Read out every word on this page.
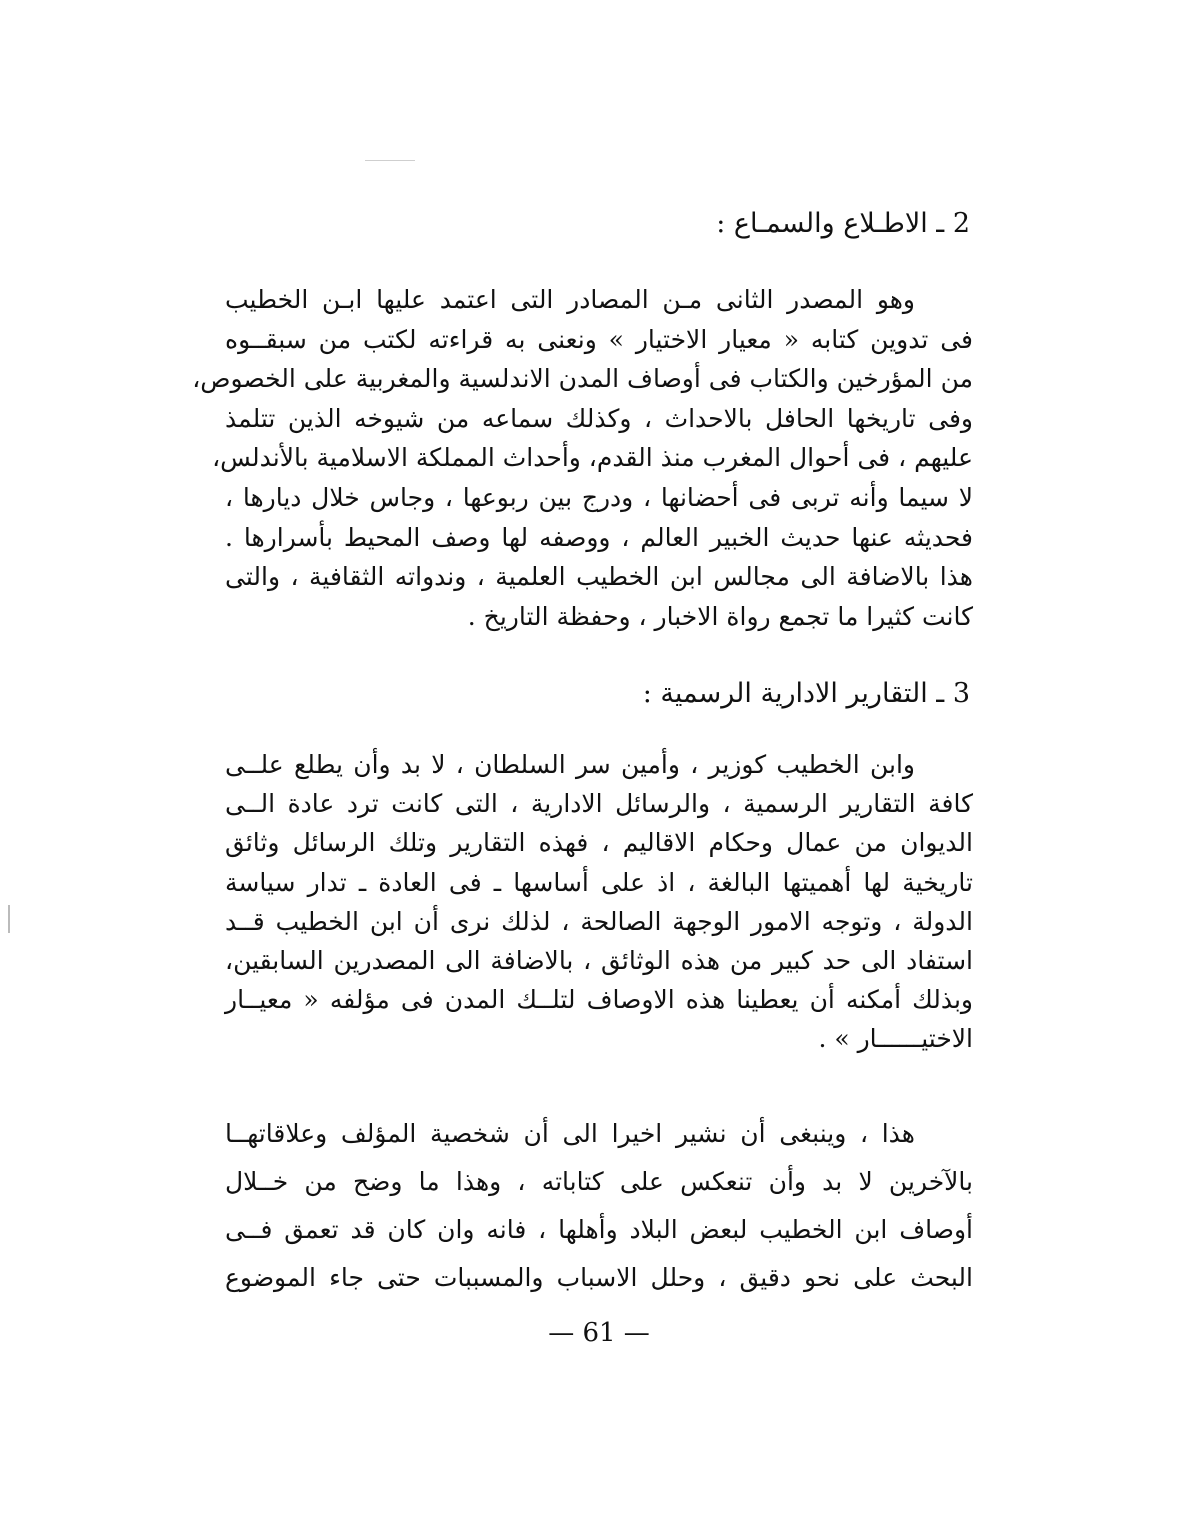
2 ـ الاطـلاع والسمـاع :
وهو المصدر الثانى مـن المصادر التى اعتمد عليها ابـن الخطيب
فى تدوين كتابه « معيار الاختيار » ونعنى به قراءته لكتب من سبقــوه
من المؤرخين والكتاب فى أوصاف المدن الاندلسية والمغربية على الخصوص،
وفى تاريخها الحافل بالاحداث ، وكذلك سماعه من شيوخه الذين تتلمذ
عليهم ، فى أحوال المغرب منذ القدم، وأحداث المملكة الاسلامية بالأندلس،
لا سيما وأنه تربى فى أحضانها ، ودرج بين ربوعها ، وجاس خلال ديارها ،
فحديثه عنها حديث الخبير العالم ، ووصفه لها وصف المحيط بأسرارها .
هذا بالاضافة الى مجالس ابن الخطيب العلمية ، وندواته الثقافية ، والتى
كانت كثيرا ما تجمع رواة الاخبار ، وحفظة التاريخ .
3 ـ التقارير الادارية الرسمية :
وابن الخطيب كوزير ، وأمين سر السلطان ، لا بد وأن يطلع علــى
كافة التقارير الرسمية ، والرسائل الادارية ، التى كانت ترد عادة الــى
الديوان من عمال وحكام الاقاليم ، فهذه التقارير وتلك الرسائل وثائق
تاريخية لها أهميتها البالغة ، اذ على أساسها ـ فى العادة ـ تدار سياسة
الدولة ، وتوجه الامور الوجهة الصالحة ، لذلك نرى أن ابن الخطيب قــد
استفاد الى حد كبير من هذه الوثائق ، بالاضافة الى المصدرين السابقين،
وبذلك أمكنه أن يعطينا هذه الاوصاف لتلــك المدن فى مؤلفه « معيــار
الاختيــــــار » .
هذا ، وينبغى أن نشير اخيرا الى أن شخصية المؤلف وعلاقاتهــا
بالآخرين لا بد وأن تنعكس على كتاباته ، وهذا ما وضح من خــلال
أوصاف ابن الخطيب لبعض البلاد وأهلها ، فانه وان كان قد تعمق فــى
البحث على نحو دقيق ، وحلل الاسباب والمسببات حتى جاء الموضوع
— 61 —
